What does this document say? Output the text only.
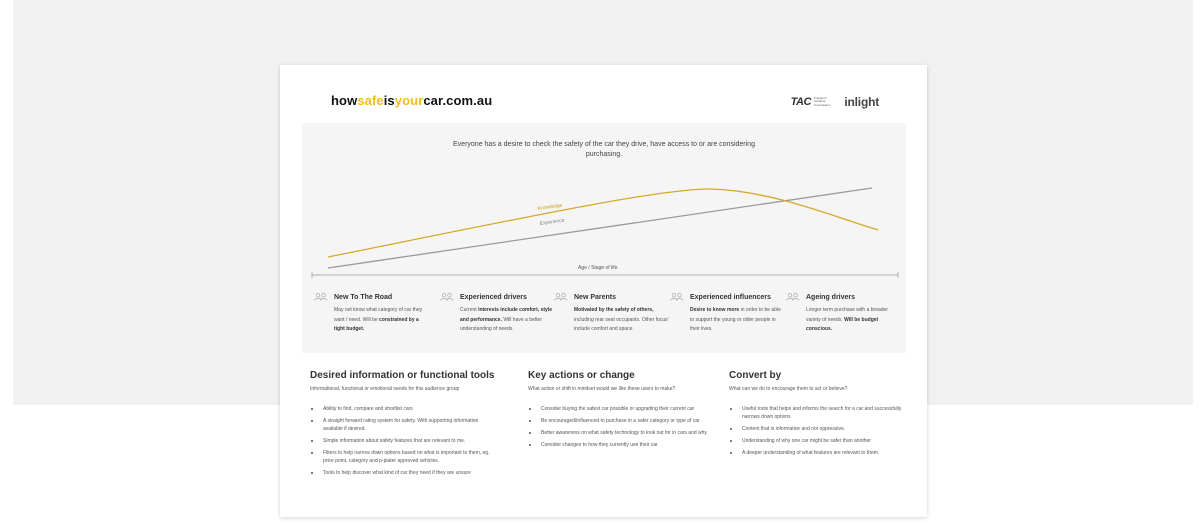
howsafeisyourcar.com.au	TAC Transport
Accident
Commission inlight
Everyone has a desire to check the safety of the car they drive, have access to or are considering purchasing.
Knowledge
Experience
Age / Stage of life
New To The Road
May not know what category of car they want / need. Will be constrained by a tight budget.
Experienced drivers
Current interests include comfort, style and performance. Will have a better understanding of needs.
New Parents
Motivated by the safety of others, including rear seat occupants. Other focus' include comfort and space.
Experienced influencers
Desire to know more in order to be able to support the young or older people in their lives.
Ageing drivers
Longer term purchase with a broader variety of needs. Will be budget conscious.
Desired information or functional tools
Informational, functional or emotional needs for this audience group
Ability to find, compare and shortlist cars
A straight forward rating system for safety. With supporting information available if desired.
Simple information about safety features that are relevant to me.
Filters to help narrow down options based on what is important to them, eg. price point, category and p-plater approved vehicles.
Tools to help discover what kind of car they need if they are unsure
Key actions or change
What action or shift in mindset would we like these users to make?
Consider buying the safest car possible or upgrading their current car
Be encouraged/influenced to purchase in a safer category or type of car
Better awareness on what safety technology to look out for in cars and why
Consider changes to how they currently use their car
Convert by
What can we do to encourage them to act or believe?
Useful tools that helps and informs the search for a car and successfully narrows down options
Content that is informative and not oppressive.
Understanding of why one car might be safer than another
A deeper understanding of what features are relevant to them.
